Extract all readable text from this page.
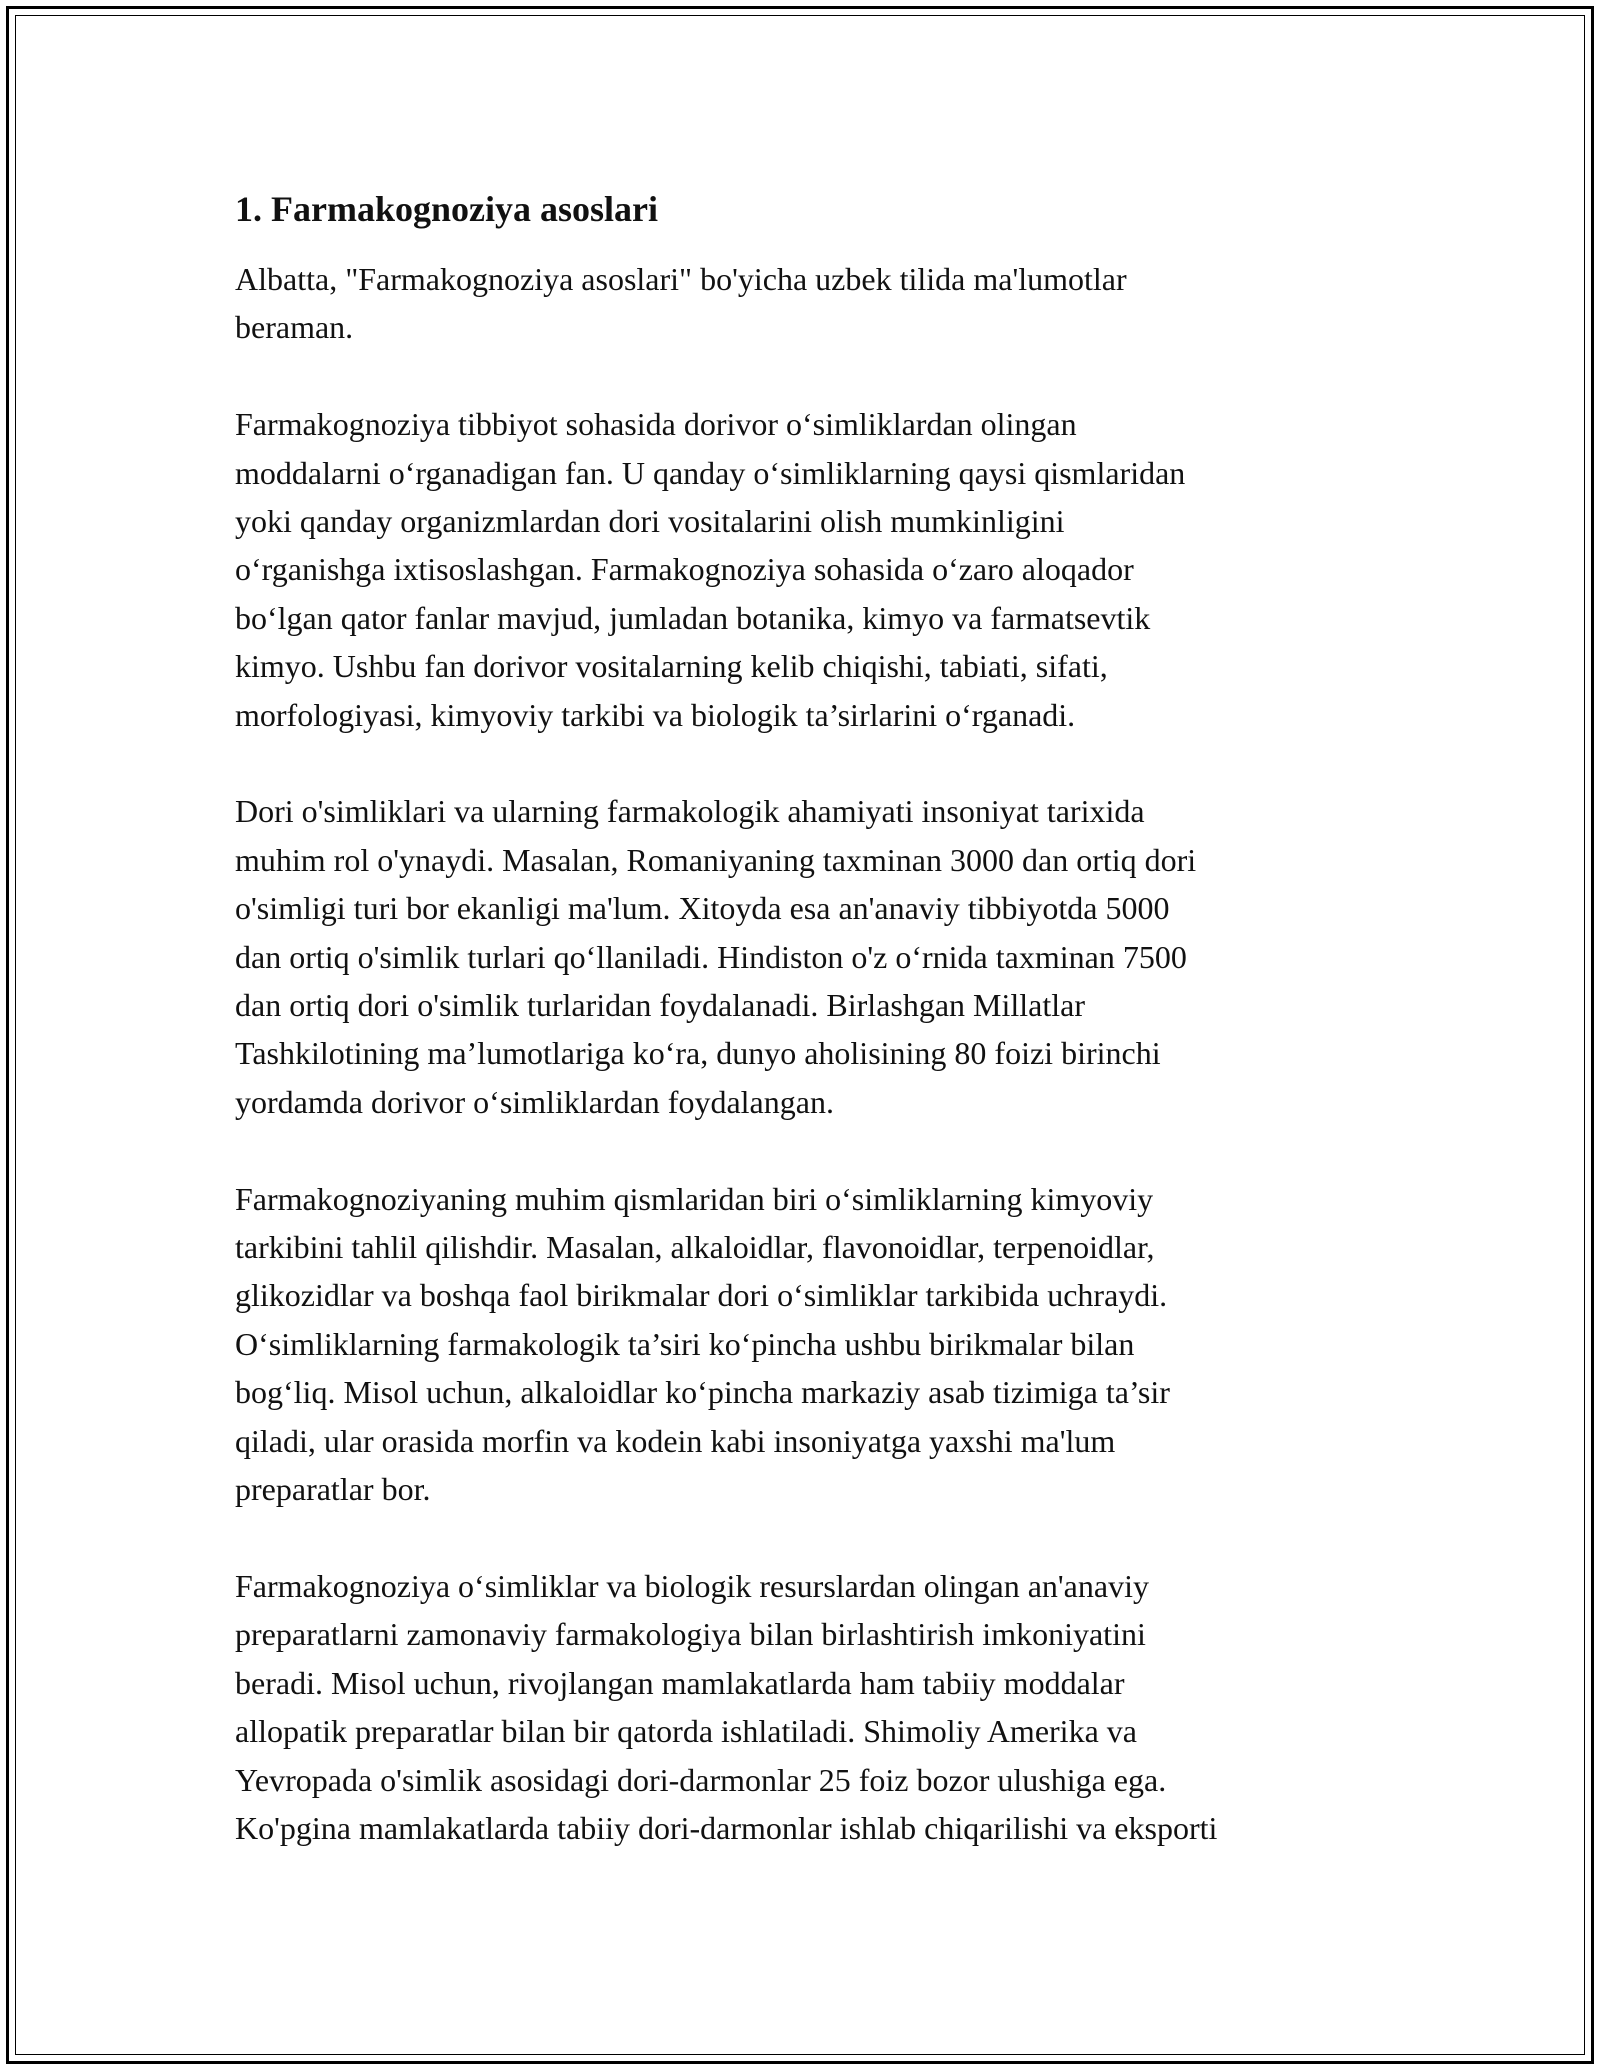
1. Farmakognoziya asoslari

Albatta, "Farmakognoziya asoslari" bo'yicha uzbek tilida ma'lumotlar
beraman.

Farmakognoziya tibbiyot sohasida dorivor o‘simliklardan olingan
moddalarni o‘rganadigan fan. U qanday o‘simliklarning qaysi qismlaridan
yoki qanday organizmlardan dori vositalarini olish mumkinligini
o‘rganishga ixtisoslashgan. Farmakognoziya sohasida o‘zaro aloqador
bo‘lgan qator fanlar mavjud, jumladan botanika, kimyo va farmatsevtik
kimyo. Ushbu fan dorivor vositalarning kelib chiqishi, tabiati, sifati,
morfologiyasi, kimyoviy tarkibi va biologik ta’sirlarini o‘rganadi.

Dori o'simliklari va ularning farmakologik ahamiyati insoniyat tarixida
muhim rol o'ynaydi. Masalan, Romaniyaning taxminan 3000 dan ortiq dori
o'simligi turi bor ekanligi ma'lum. Xitoyda esa an'anaviy tibbiyotda 5000
dan ortiq o'simlik turlari qo‘llaniladi. Hindiston o'z o‘rnida taxminan 7500
dan ortiq dori o'simlik turlaridan foydalanadi. Birlashgan Millatlar
Tashkilotining ma’lumotlariga ko‘ra, dunyo aholisining 80 foizi birinchi
yordamda dorivor o‘simliklardan foydalangan.

Farmakognoziyaning muhim qismlaridan biri o‘simliklarning kimyoviy
tarkibini tahlil qilishdir. Masalan, alkaloidlar, flavonoidlar, terpenoidlar,
glikozidlar va boshqa faol birikmalar dori o‘simliklar tarkibida uchraydi.
O‘simliklarning farmakologik ta’siri ko‘pincha ushbu birikmalar bilan
bog‘liq. Misol uchun, alkaloidlar ko‘pincha markaziy asab tizimiga ta’sir
qiladi, ular orasida morfin va kodein kabi insoniyatga yaxshi ma'lum
preparatlar bor.

Farmakognoziya o‘simliklar va biologik resurslardan olingan an'anaviy
preparatlarni zamonaviy farmakologiya bilan birlashtirish imkoniyatini
beradi. Misol uchun, rivojlangan mamlakatlarda ham tabiiy moddalar
allopatik preparatlar bilan bir qatorda ishlatiladi. Shimoliy Amerika va
Yevropada o'simlik asosidagi dori-darmonlar 25 foiz bozor ulushiga ega.
Ko'pgina mamlakatlarda tabiiy dori-darmonlar ishlab chiqarilishi va eksporti
